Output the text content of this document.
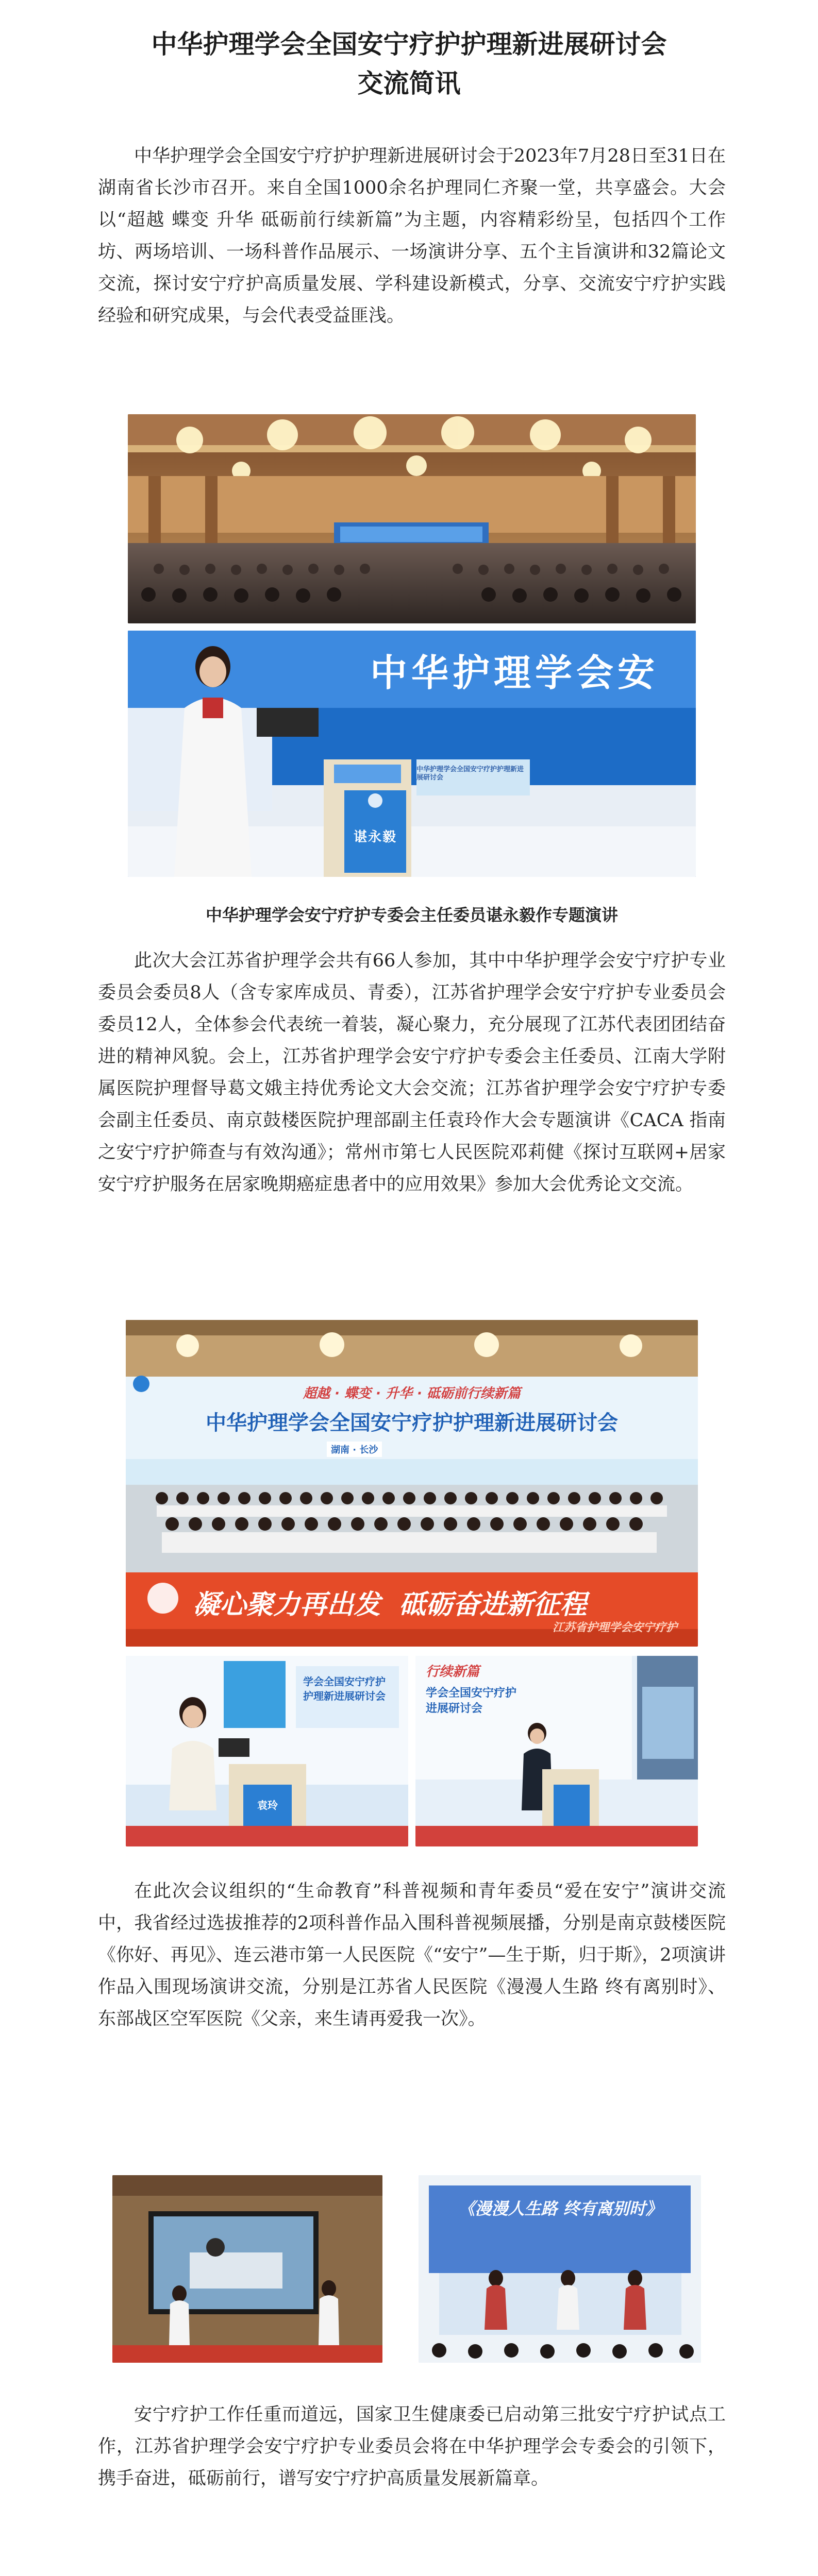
中华护理学会全国安宁疗护护理新进展研讨会
交流简讯

中华护理学会全国安宁疗护护理新进展研讨会于2023年7月28日至31日在湖南省长沙市召开。来自全国1000余名护理同仁齐聚一堂，共享盛会。大会以“超越 蝶变 升华 砥砺前行续新篇”为主题，内容精彩纷呈，包括四个工作坊、两场培训、一场科普作品展示、一场演讲分享、五个主旨演讲和32篇论文交流，探讨安宁疗护高质量发展、学科建设新模式，分享、交流安宁疗护实践经验和研究成果，与会代表受益匪浅。

中华护理学会安
中华护理学会全国安宁疗护护理新进展研讨会
谌永毅
中华护理学会安宁疗护专委会主任委员谌永毅作专题演讲

此次大会江苏省护理学会共有66人参加，其中中华护理学会安宁疗护专业委员会委员8人（含专家库成员、青委），江苏省护理学会安宁疗护专业委员会委员12人，全体参会代表统一着装，凝心聚力，充分展现了江苏代表团团结奋进的精神风貌。会上，江苏省护理学会安宁疗护专委会主任委员、江南大学附属医院护理督导葛文娥主持优秀论文大会交流；江苏省护理学会安宁疗护专委会副主任委员、南京鼓楼医院护理部副主任袁玲作大会专题演讲《CACA 指南之安宁疗护筛查与有效沟通》；常州市第七人民医院邓莉健《探讨互联网+居家安宁疗护服务在居家晚期癌症患者中的应用效果》参加大会优秀论文交流。

超越 · 蝶变 · 升华 · 砥砺前行续新篇
中华护理学会全国安宁疗护护理新进展研讨会
湖南 · 长沙
凝心聚力再出发  砥砺奋进新征程
江苏省护理学会安宁疗护
学会全国安宁疗护
护理新进展研讨会
袁玲
行续新篇
学会全国安宁疗护
进展研讨会

在此次会议组织的“生命教育”科普视频和青年委员“爱在安宁”演讲交流中，我省经过选拔推荐的2项科普作品入围科普视频展播，分别是南京鼓楼医院《你好、再见》、连云港市第一人民医院《“安宁”—生于斯，归于斯》，2项演讲作品入围现场演讲交流，分别是江苏省人民医院《漫漫人生路 终有离别时》、东部战区空军医院《父亲，来生请再爱我一次》。

《漫漫人生路 终有离别时》

安宁疗护工作任重而道远，国家卫生健康委已启动第三批安宁疗护试点工作，江苏省护理学会安宁疗护专业委员会将在中华护理学会专委会的引领下，携手奋进，砥砺前行，谱写安宁疗护高质量发展新篇章。
